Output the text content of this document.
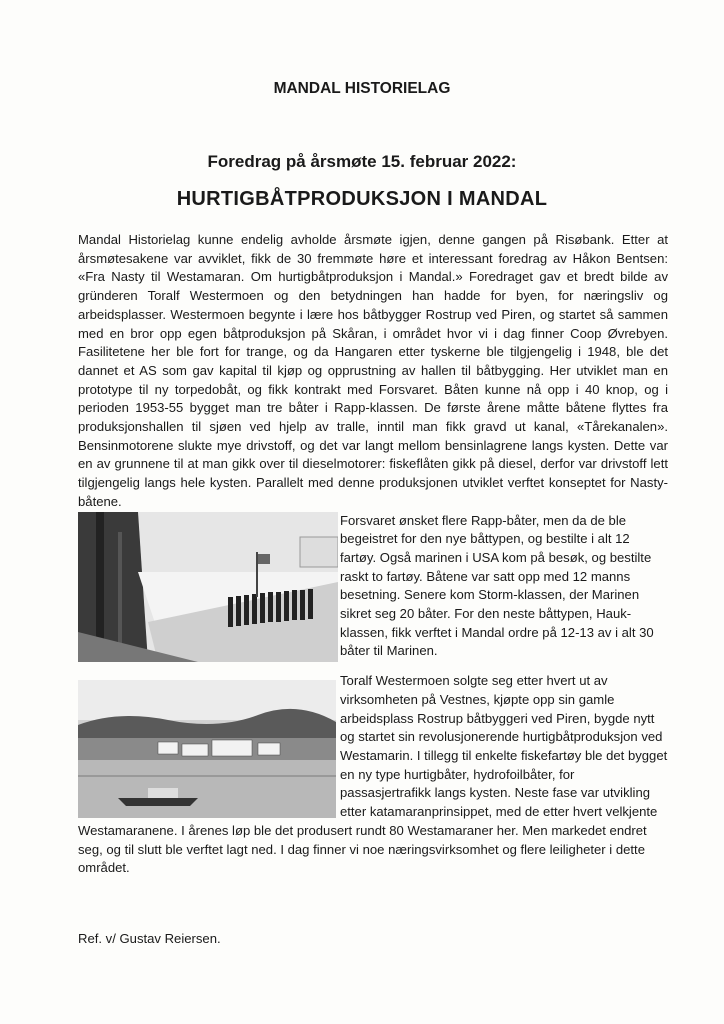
MANDAL HISTORIELAG
Foredrag på årsmøte 15. februar 2022:
HURTIGBÅTPRODUKSJON I MANDAL

Mandal Historielag kunne endelig avholde årsmøte igjen, denne gangen på Risøbank. Etter at årsmøtesakene var avviklet, fikk de 30 fremmøte høre et interessant foredrag av Håkon Bentsen: «Fra Nasty til Westamaran. Om hurtigbåtproduksjon i Mandal.» Foredraget gav et bredt bilde av gründeren Toralf Westermoen og den betydningen han hadde for byen, for næringsliv og arbeidsplasser. Westermoen begynte i lære hos båtbygger Rostrup ved Piren, og startet så sammen med en bror opp egen båtproduksjon på Skåran, i området hvor vi i dag finner Coop Øvrebyen. Fasilitetene her ble fort for trange, og da Hangaren etter tyskerne ble tilgjengelig i 1948, ble det dannet et AS som gav kapital til kjøp og opprustning av hallen til båtbygging. Her utviklet man en prototype til ny torpedobåt, og fikk kontrakt med Forsvaret. Båten kunne nå opp i 40 knop, og i perioden 1953-55 bygget man tre båter i Rapp-klassen. De første årene måtte båtene flyttes fra produksjonshallen til sjøen ved hjelp av tralle, inntil man fikk gravd ut kanal, «Tårekanalen». Bensinmotorene slukte mye drivstoff, og det var langt mellom bensinlagrene langs kysten. Dette var en av grunnene til at man gikk over til dieselmotorer: fiskeflåten gikk på diesel, derfor var drivstoff lett tilgjengelig langs hele kysten. Parallelt med denne produksjonen utviklet verftet konseptet for Nasty-båtene.

Forsvaret ønsket flere Rapp-båter, men da de ble begeistret for den nye båttypen, og bestilte i alt 12 fartøy. Også marinen i USA kom på besøk, og bestilte raskt to fartøy. Båtene var satt opp med 12 manns besetning. Senere kom Storm-klassen, der Marinen sikret seg 20 båter. For den neste båttypen, Hauk-klassen, fikk verftet i Mandal ordre på 12-13 av i alt 30 båter til Marinen.

Toralf Westermoen solgte seg etter hvert ut av virksomheten på Vestnes, kjøpte opp sin gamle arbeidsplass Rostrup båtbyggeri ved Piren, bygde nytt og startet sin revolusjonerende hurtigbåtproduksjon ved Westamarin. I tillegg til enkelte fiskefartøy ble det bygget en ny type hurtigbåter, hydrofoilbåter, for passasjertrafikk langs kysten. Neste fase var utvikling etter katamaranprinsippet, med de etter hvert velkjente Westamaranene. I årenes løp ble det produsert rundt 80 Westamaraner her. Men markedet endret seg, og til slutt ble verftet lagt ned. I dag finner vi noe næringsvirksomhet og flere leiligheter i dette området.

Ref. v/ Gustav Reiersen.
